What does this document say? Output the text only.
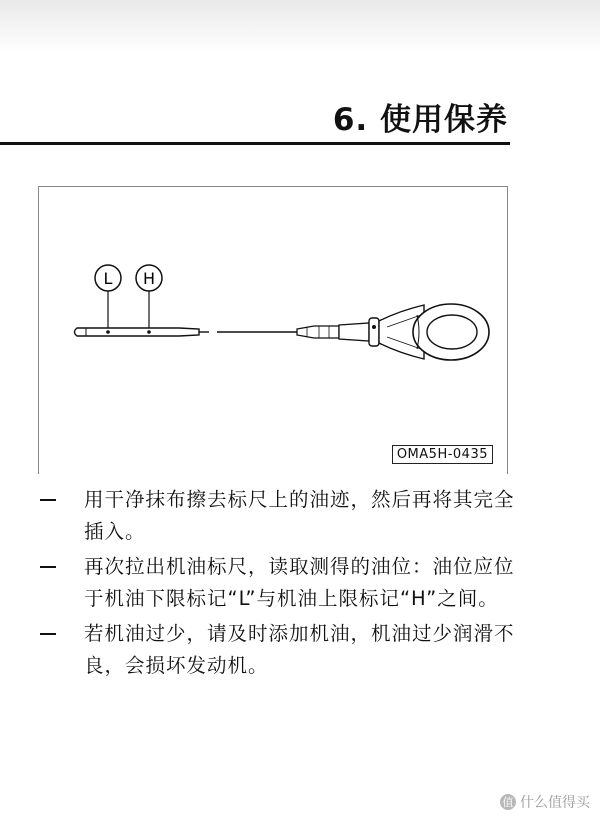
6. 使用保养
L H
OMA5H-0435
用干净抹布擦去标尺上的油迹，然后再将其完全插入。
再次拉出机油标尺，读取测得的油位：油位应位于机油下限标记“L”与机油上限标记“H”之间。
若机油过少，请及时添加机油，机油过少润滑不良，会损坏发动机。
值 什么值得买
